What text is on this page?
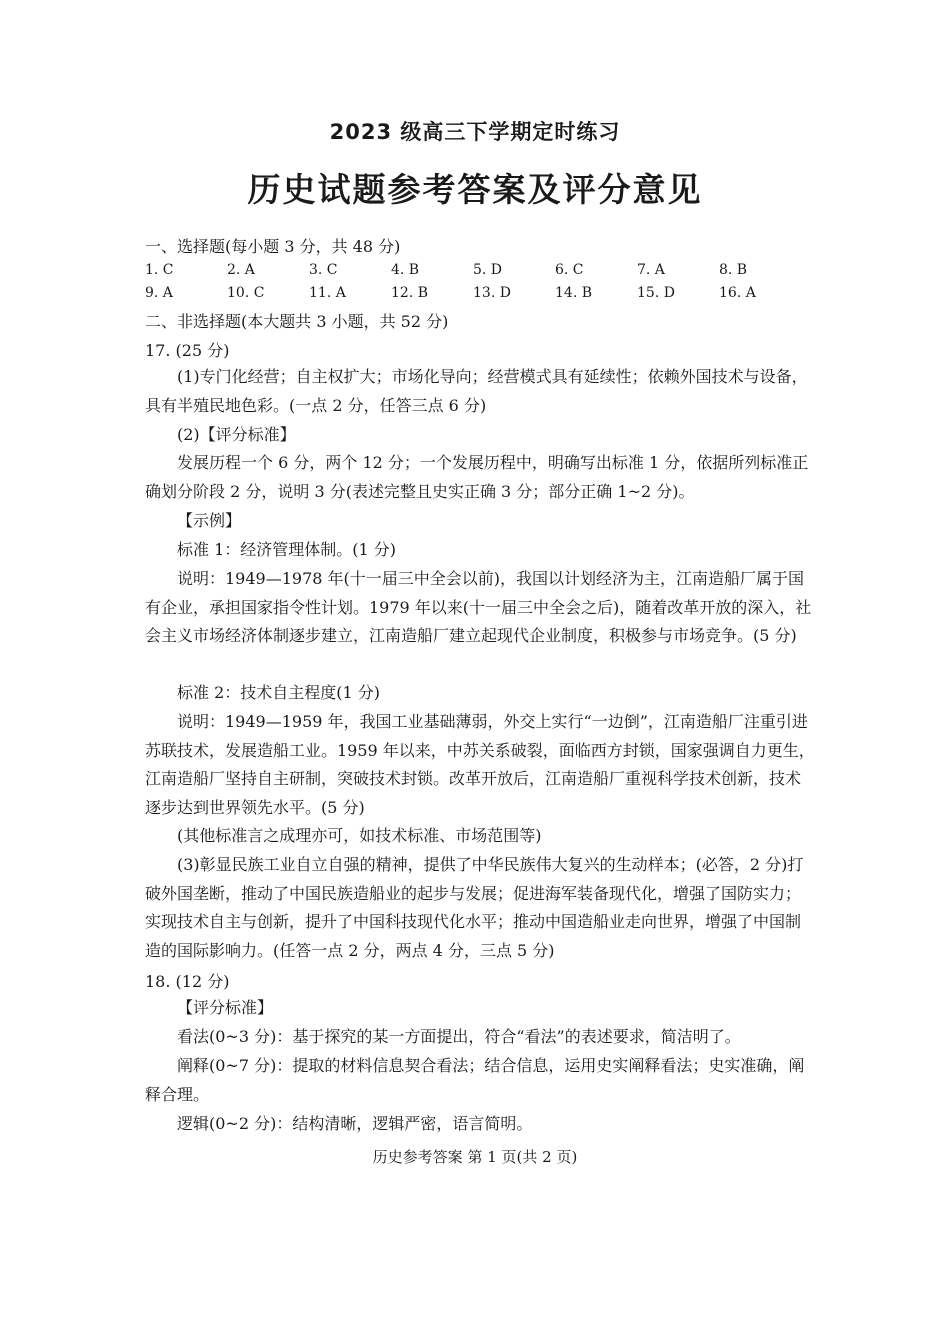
2023 级高三下学期定时练习
历史试题参考答案及评分意见
一、选择题(每小题 3 分，共 48 分)
1. C	2. A	3. C	4. B	5. D	6. C	7. A	8. B
9. A	10. C	11. A	12. B	13. D	14. B	15. D	16. A
二、非选择题(本大题共 3 小题，共 52 分)
17. (25 分)
(1)专门化经营；自主权扩大；市场化导向；经营模式具有延续性；依赖外国技术与设备，具有半殖民地色彩。(一点 2 分，任答三点 6 分)
(2)【评分标准】
发展历程一个 6 分，两个 12 分；一个发展历程中，明确写出标准 1 分，依据所列标准正确划分阶段 2 分，说明 3 分(表述完整且史实正确 3 分；部分正确 1~2 分)。
【示例】
标准 1：经济管理体制。(1 分)
说明：1949—1978 年(十一届三中全会以前)，我国以计划经济为主，江南造船厂属于国有企业，承担国家指令性计划。1979 年以来(十一届三中全会之后)，随着改革开放的深入，社会主义市场经济体制逐步建立，江南造船厂建立起现代企业制度，积极参与市场竞争。(5 分)
标准 2：技术自主程度(1 分)
说明：1949—1959 年，我国工业基础薄弱，外交上实行“一边倒”，江南造船厂注重引进苏联技术，发展造船工业。1959 年以来，中苏关系破裂，面临西方封锁，国家强调自力更生，江南造船厂坚持自主研制，突破技术封锁。改革开放后，江南造船厂重视科学技术创新，技术逐步达到世界领先水平。(5 分)
(其他标准言之成理亦可，如技术标准、市场范围等)
(3)彰显民族工业自立自强的精神，提供了中华民族伟大复兴的生动样本；(必答，2 分)打破外国垄断，推动了中国民族造船业的起步与发展；促进海军装备现代化，增强了国防实力；实现技术自主与创新，提升了中国科技现代化水平；推动中国造船业走向世界，增强了中国制造的国际影响力。(任答一点 2 分，两点 4 分，三点 5 分)
18. (12 分)
【评分标准】
看法(0~3 分)：基于探究的某一方面提出，符合“看法”的表述要求，简洁明了。
阐释(0~7 分)：提取的材料信息契合看法；结合信息，运用史实阐释看法；史实准确，阐释合理。
逻辑(0~2 分)：结构清晰，逻辑严密，语言简明。
历史参考答案 第 1 页(共 2 页)
